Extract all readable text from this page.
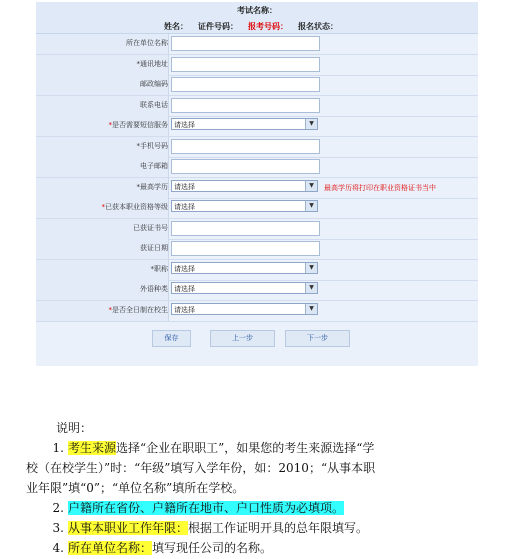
考试名称：
姓名： 证件号码： 报考号码： 报名状态：
所在单位名称
*通讯地址
邮政编码
联系电话
*是否需要短信服务 请选择	▼
*手机号码
电子邮箱
*最高学历 请选择	▼	最高学历将打印在职业资格证书当中
*已获本职业资格等级 请选择	▼
已获证书号
获证日期
*职称 请选择	▼
外语种类 请选择	▼
*是否全日制在校生 请选择	▼
保存	上一步	下一步

说明：

1. 考生来源选择“企业在职职工”，如果您的考生来源选择“学

校（在校学生）”时：“年级”填写入学年份，如：2010；“从事本职

业年限”填“0”；“单位名称”填所在学校。

2. 户籍所在省份、户籍所在地市、户口性质为必填项。

3. 从事本职业工作年限：根据工作证明开具的总年限填写。

4. 所在单位名称：填写现任公司的名称。
